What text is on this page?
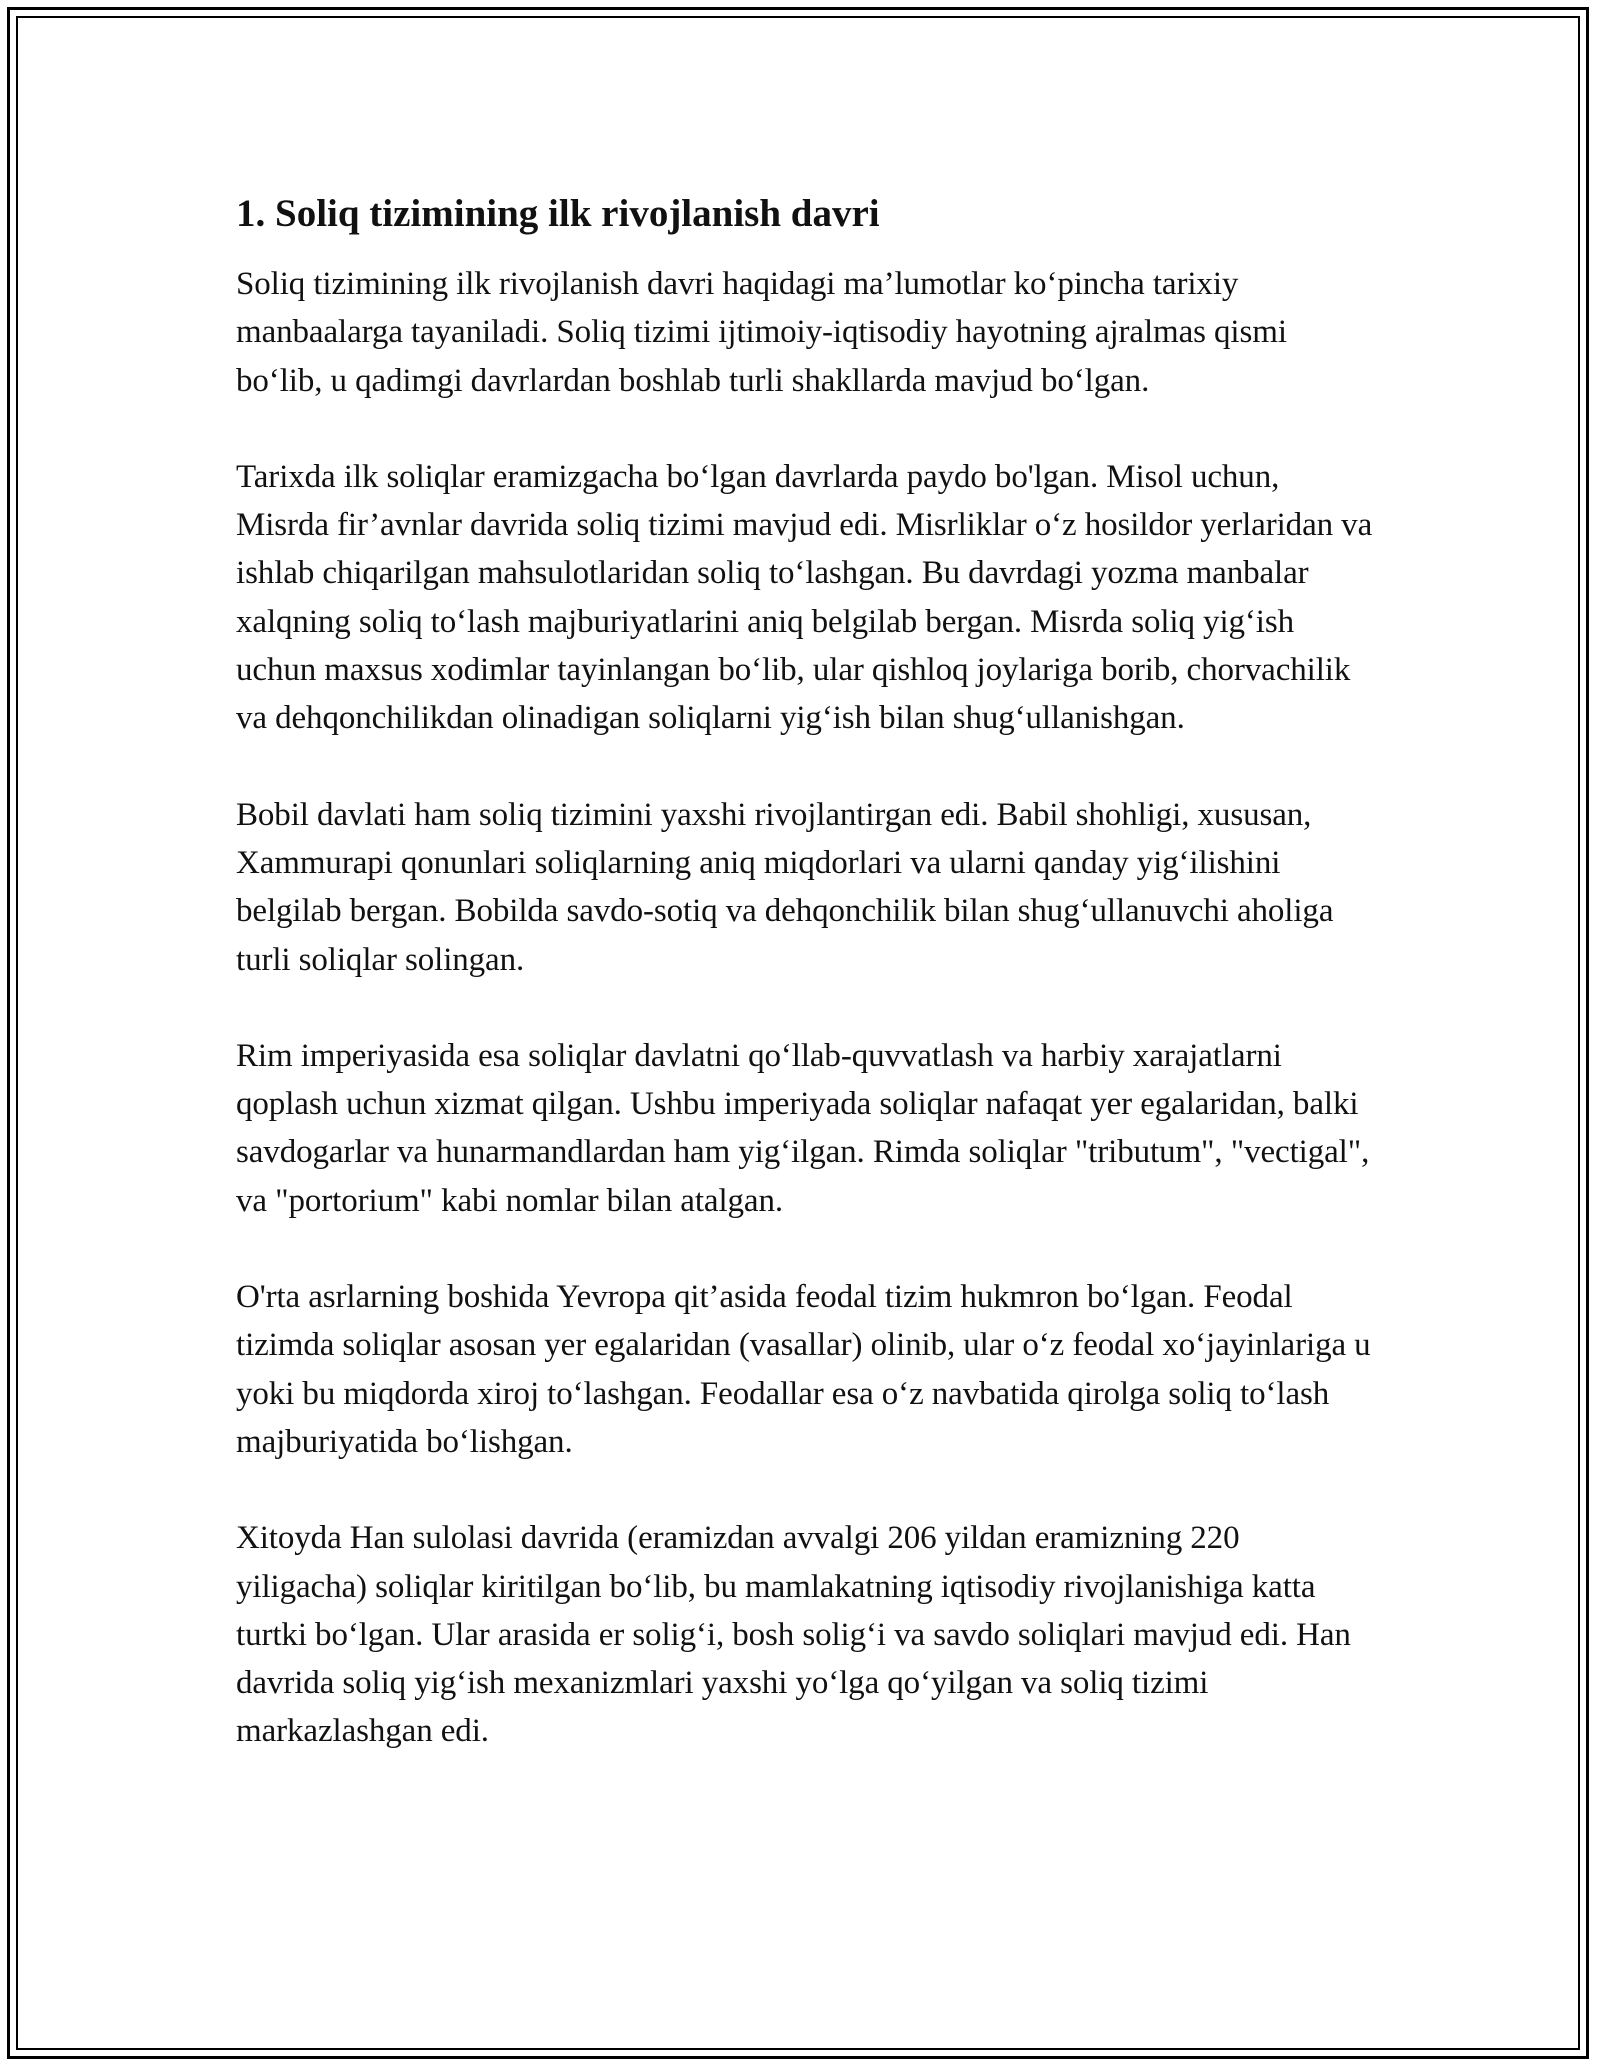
1. Soliq tizimining ilk rivojlanish davri

Soliq tizimining ilk rivojlanish davri haqidagi ma’lumotlar ko‘pincha tarixiy manbaalarga tayaniladi. Soliq tizimi ijtimoiy-iqtisodiy hayotning ajralmas qismi bo‘lib, u qadimgi davrlardan boshlab turli shakllarda mavjud bo‘lgan.

Tarixda ilk soliqlar eramizgacha bo‘lgan davrlarda paydo bo'lgan. Misol uchun, Misrda fir’avnlar davrida soliq tizimi mavjud edi. Misrliklar o‘z hosildor yerlaridan va ishlab chiqarilgan mahsulotlaridan soliq to‘lashgan. Bu davrdagi yozma manbalar xalqning soliq to‘lash majburiyatlarini aniq belgilab bergan. Misrda soliq yig‘ish uchun maxsus xodimlar tayinlangan bo‘lib, ular qishloq joylariga borib, chorvachilik va dehqonchilikdan olinadigan soliqlarni yig‘ish bilan shug‘ullanishgan.

Bobil davlati ham soliq tizimini yaxshi rivojlantirgan edi. Babil shohligi, xususan, Xammurapi qonunlari soliqlarning aniq miqdorlari va ularni qanday yig‘ilishini belgilab bergan. Bobilda savdo-sotiq va dehqonchilik bilan shug‘ullanuvchi aholiga turli soliqlar solingan.

Rim imperiyasida esa soliqlar davlatni qo‘llab-quvvatlash va harbiy xarajatlarni qoplash uchun xizmat qilgan. Ushbu imperiyada soliqlar nafaqat yer egalaridan, balki savdogarlar va hunarmandlardan ham yig‘ilgan. Rimda soliqlar "tributum", "vectigal", va "portorium" kabi nomlar bilan atalgan.

O'rta asrlarning boshida Yevropa qit’asida feodal tizim hukmron bo‘lgan. Feodal tizimda soliqlar asosan yer egalaridan (vasallar) olinib, ular o‘z feodal xo‘jayinlariga u yoki bu miqdorda xiroj to‘lashgan. Feodallar esa o‘z navbatida qirolga soliq to‘lash majburiyatida bo‘lishgan.

Xitoyda Han sulolasi davrida (eramizdan avvalgi 206 yildan eramizning 220 yiligacha) soliqlar kiritilgan bo‘lib, bu mamlakatning iqtisodiy rivojlanishiga katta turtki bo‘lgan. Ular arasida er solig‘i, bosh solig‘i va savdo soliqlari mavjud edi. Han davrida soliq yig‘ish mexanizmlari yaxshi yo‘lga qo‘yilgan va soliq tizimi markazlashgan edi.
